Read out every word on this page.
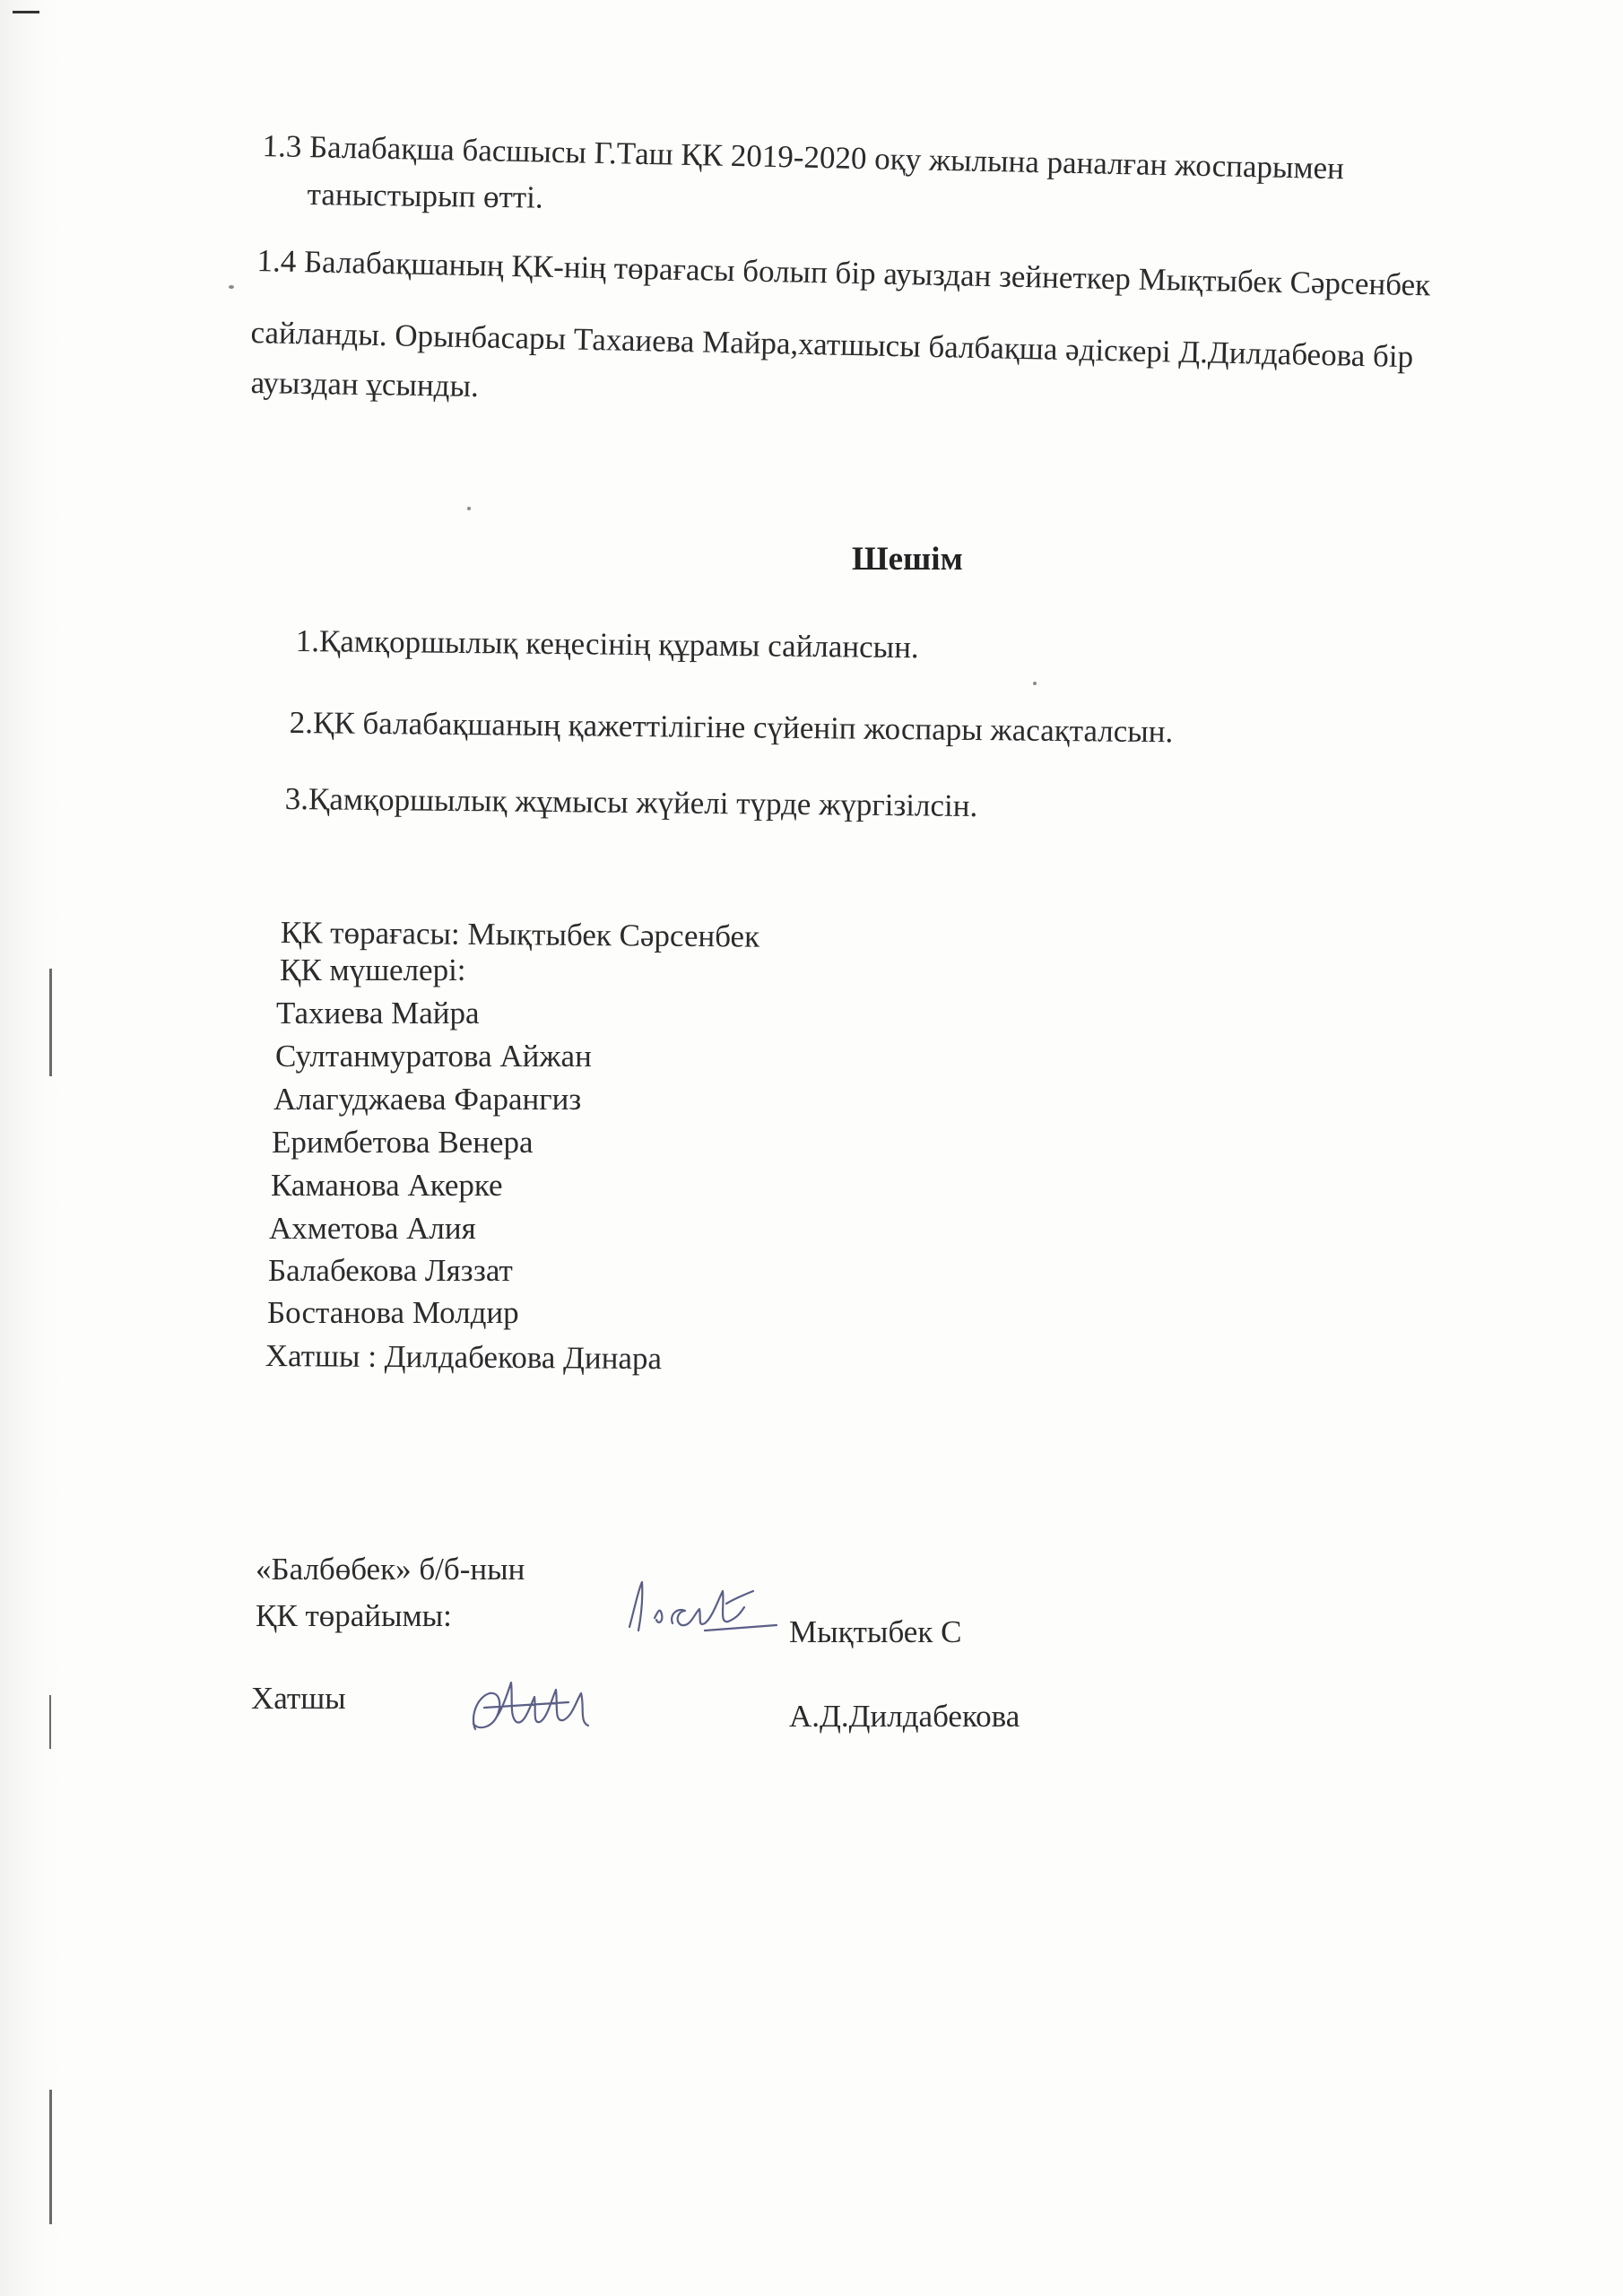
1.3 Балабақша басшысы Г.Таш ҚК 2019-2020 оқу жылына раналған жоспарымен
таныстырып өтті.
1.4 Балабақшаның ҚК-нің төрағасы болып бір ауыздан зейнеткер Мықтыбек Сәрсенбек
сайланды. Орынбасары Тахаиева Майра,хатшысы балбақша әдіскері Д.Дилдабеова бір
ауыздан ұсынды.
Шешім
1.Қамқоршылық кеңесінің құрамы сайлансын.
2.ҚК балабақшаның қажеттілігіне сүйеніп жоспары жасақталсын.
3.Қамқоршылық жұмысы жүйелі түрде жүргізілсін.
ҚК төрағасы: Мықтыбек Сәрсенбек
ҚК мүшелері:
Тахиева Майра
Султанмуратова Айжан
Алагуджаева Фарангиз
Еримбетова Венера
Каманова Акерке
Ахметова Алия
Балабекова Ляззат
Бостанова Молдир
Хатшы : Дилдабекова Динара
«Балбөбек» б/б-нын
ҚК төрайымы:	Мықтыбек С
Хатшы
А.Д.Дилдабекова
